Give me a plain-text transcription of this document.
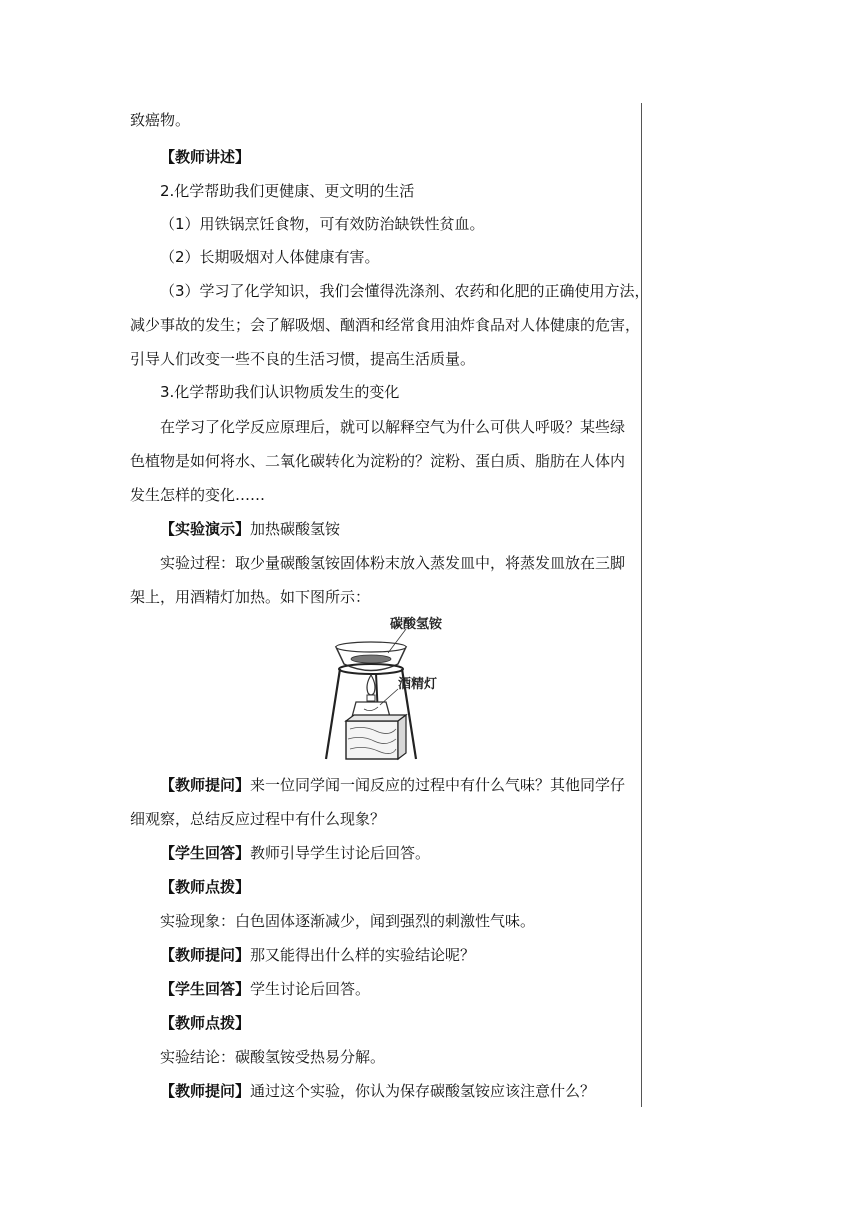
致癌物。
【教师讲述】
2.化学帮助我们更健康、更文明的生活
（1）用铁锅烹饪食物，可有效防治缺铁性贫血。
（2）长期吸烟对人体健康有害。
（3）学习了化学知识，我们会懂得洗涤剂、农药和化肥的正确使用方法，
减少事故的发生；会了解吸烟、酗酒和经常食用油炸食品对人体健康的危害，
引导人们改变一些不良的生活习惯，提高生活质量。
3.化学帮助我们认识物质发生的变化
在学习了化学反应原理后，就可以解释空气为什么可供人呼吸？某些绿
色植物是如何将水、二氧化碳转化为淀粉的？淀粉、蛋白质、脂肪在人体内
发生怎样的变化……
【实验演示】加热碳酸氢铵
实验过程：取少量碳酸氢铵固体粉末放入蒸发皿中，将蒸发皿放在三脚
架上，用酒精灯加热。如下图所示：
碳酸氢铵
酒精灯
【教师提问】来一位同学闻一闻反应的过程中有什么气味？其他同学仔
细观察，总结反应过程中有什么现象？
【学生回答】教师引导学生讨论后回答。
【教师点拨】
实验现象：白色固体逐渐减少，闻到强烈的刺激性气味。
【教师提问】那又能得出什么样的实验结论呢？
【学生回答】学生讨论后回答。
【教师点拨】
实验结论：碳酸氢铵受热易分解。
【教师提问】通过这个实验，你认为保存碳酸氢铵应该注意什么？
